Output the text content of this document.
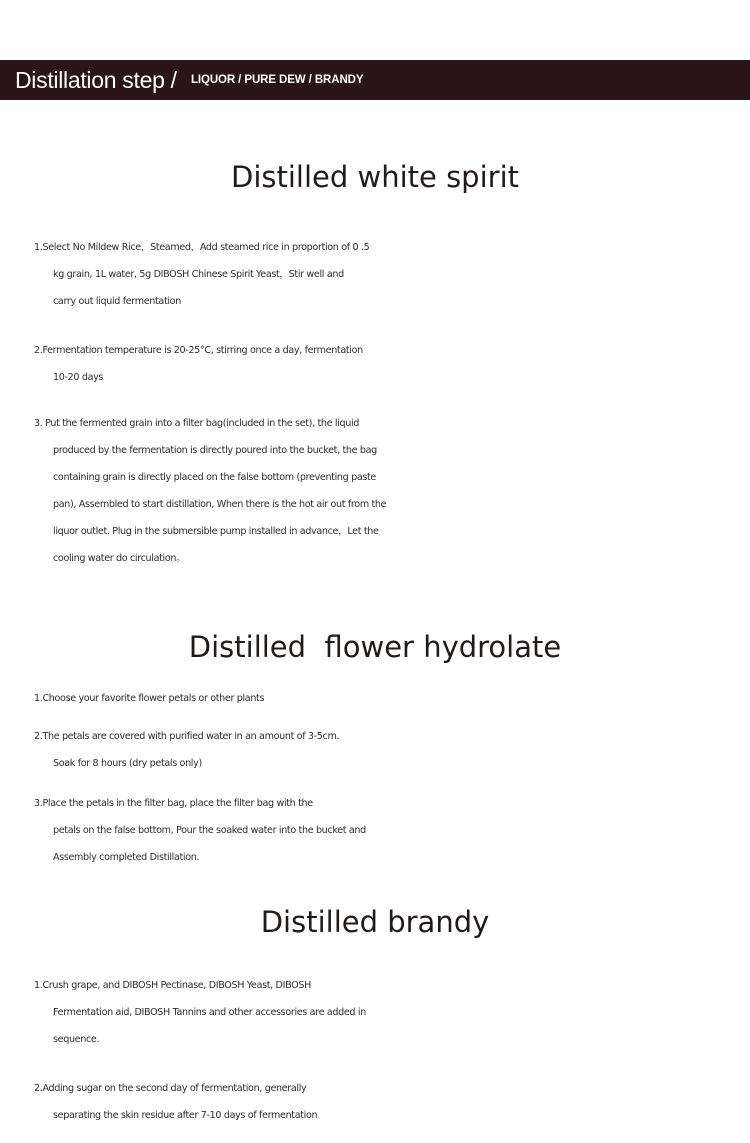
Distillation step / LIQUOR / PURE DEW / BRANDY
Distilled white spirit
1.Select No Mildew Rice，Steamed，Add steamed rice in proportion of 0 .5
kg grain, 1L water, 5g DIBOSH Chinese Spirit Yeast，Stir well and
carry out liquid fermentation
2.Fermentation temperature is 20-25°C, stirring once a day, fermentation
10-20 days
3. Put the fermented grain into a filter bag(included in the set), the liquid
produced by the fermentation is directly poured into the bucket, the bag
containing grain is directly placed on the false bottom (preventing paste
pan), Assembled to start distillation, When there is the hot air out from the
liquor outlet. Plug in the submersible pump installed in advance，Let the
cooling water do circulation。
Distilled  flower hydrolate
1.Choose your favorite flower petals or other plants
2.The petals are covered with purified water in an amount of 3-5cm.
Soak for 8 hours (dry petals only)
3.Place the petals in the filter bag, place the filter bag with the
petals on the false bottom, Pour the soaked water into the bucket and
Assembly completed Distillation.
Distilled brandy
1.Crush grape, and DIBOSH Pectinase, DIBOSH Yeast, DIBOSH
Fermentation aid, DIBOSH Tannins and other accessories are added in
sequence.
2.Adding sugar on the second day of fermentation, generally
separating the skin residue after 7-10 days of fermentation
